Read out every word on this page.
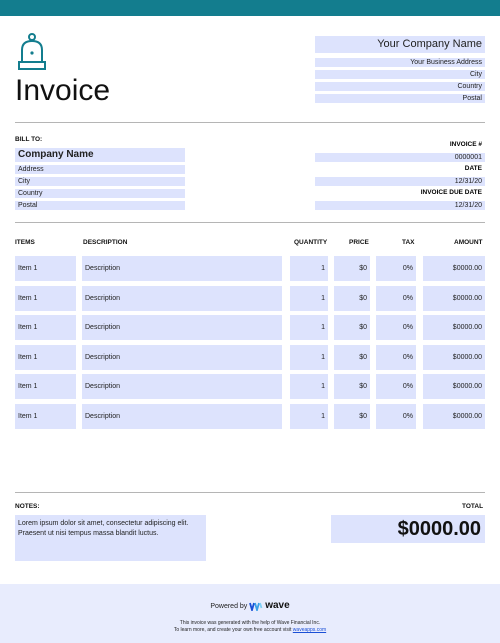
Invoice
Your Company Name
Your Business Address
City
Country
Postal
BILL TO:
Company Name
Address
City
Country
Postal
INVOICE #
0000001
DATE
12/31/20
INVOICE DUE DATE
12/31/20
ITEMS	DESCRIPTION	QUANTITY	PRICE	TAX	AMOUNT
Item 1	Description	1	$0	0%	$0000.00
Item 1	Description	1	$0	0%	$0000.00
Item 1	Description	1	$0	0%	$0000.00
Item 1	Description	1	$0	0%	$0000.00
Item 1	Description	1	$0	0%	$0000.00
Item 1	Description	1	$0	0%	$0000.00
NOTES:
Lorem ipsum dolor sit amet, consectetur adipiscing elit. Praesent ut nisi tempus massa blandit luctus.
TOTAL
$0000.00
Powered by wave
This invoice was generated with the help of Wave Financial Inc.
To learn more, and create your own free account visit waveapps.com
